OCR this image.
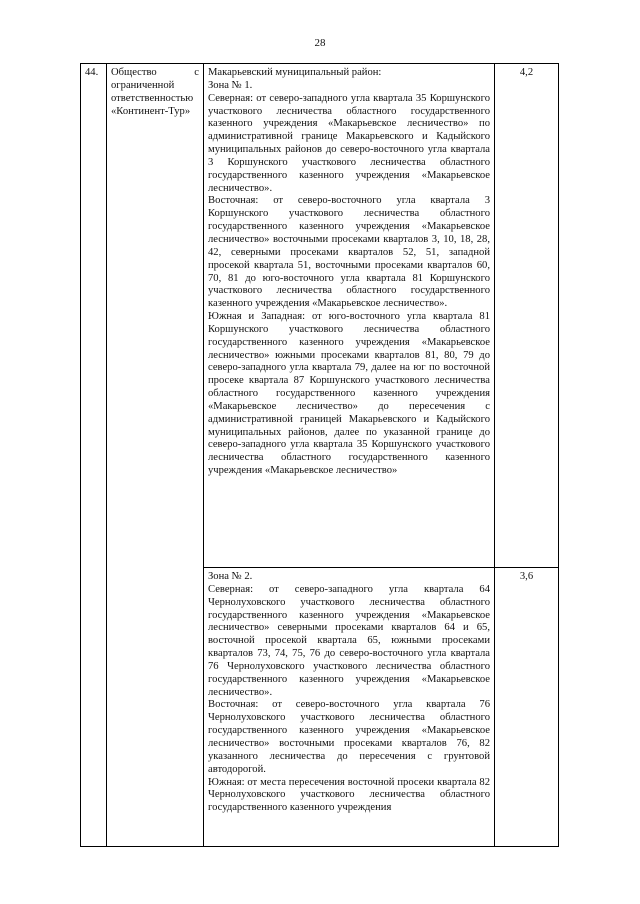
28
44.	Общество с ограниченной ответственностью «Континент-Тур»	Макарьевский муниципальный район:
Зона № 1.
Северная: от северо-западного угла квартала 35 Коршунского участкового лесничества областного государственного казенного учреждения «Макарьевское лесничество» по административной границе Макарьевского и Кадыйского муниципальных районов до северо-восточного угла квартала 3 Коршунского участкового лесничества областного государственного казенного учреждения «Макарьевское лесничество».
Восточная: от северо-восточного угла квартала 3 Коршунского участкового лесничества областного государственного казенного учреждения «Макарьевское лесничество» восточными просеками кварталов 3, 10, 18, 28, 42, северными просеками кварталов 52, 51, западной просекой квартала 51, восточными просеками кварталов 60, 70, 81 до юго-восточного угла квартала 81 Коршунского участкового лесничества областного государственного казенного учреждения «Макарьевское лесничество».
Южная и Западная: от юго-восточного угла квартала 81 Коршунского участкового лесничества областного государственного казенного учреждения «Макарьевское лесничество» южными просеками кварталов 81, 80, 79 до северо-западного угла квартала 79, далее на юг по восточной просеке квартала 87 Коршунского участкового лесничества областного государственного казенного учреждения «Макарьевское лесничество» до пересечения с административной границей Макарьевского и Кадыйского муниципальных районов, далее по указанной границе до северо-западного угла квартала 35 Коршунского участкового лесничества областного государственного казенного учреждения «Макарьевское лесничество»	4,2

		Зона № 2.
Северная: от северо-западного угла квартала 64 Чернолуховского участкового лесничества областного государственного казенного учреждения «Макарьевское лесничество» северными просеками кварталов 64 и 65, восточной просекой квартала 65, южными просеками кварталов 73, 74, 75, 76 до северо-восточного угла квартала 76 Чернолуховского участкового лесничества областного государственного казенного учреждения «Макарьевское лесничество».
Восточная: от северо-восточного угла квартала 76 Чернолуховского участкового лесничества областного государственного казенного учреждения «Макарьевское лесничество» восточными просеками кварталов 76, 82 указанного лесничества до пересечения с грунтовой автодорогой.
Южная: от места пересечения восточной просеки квартала 82 Чернолуховского участкового лесничества областного государственного казенного учреждения	3,6
